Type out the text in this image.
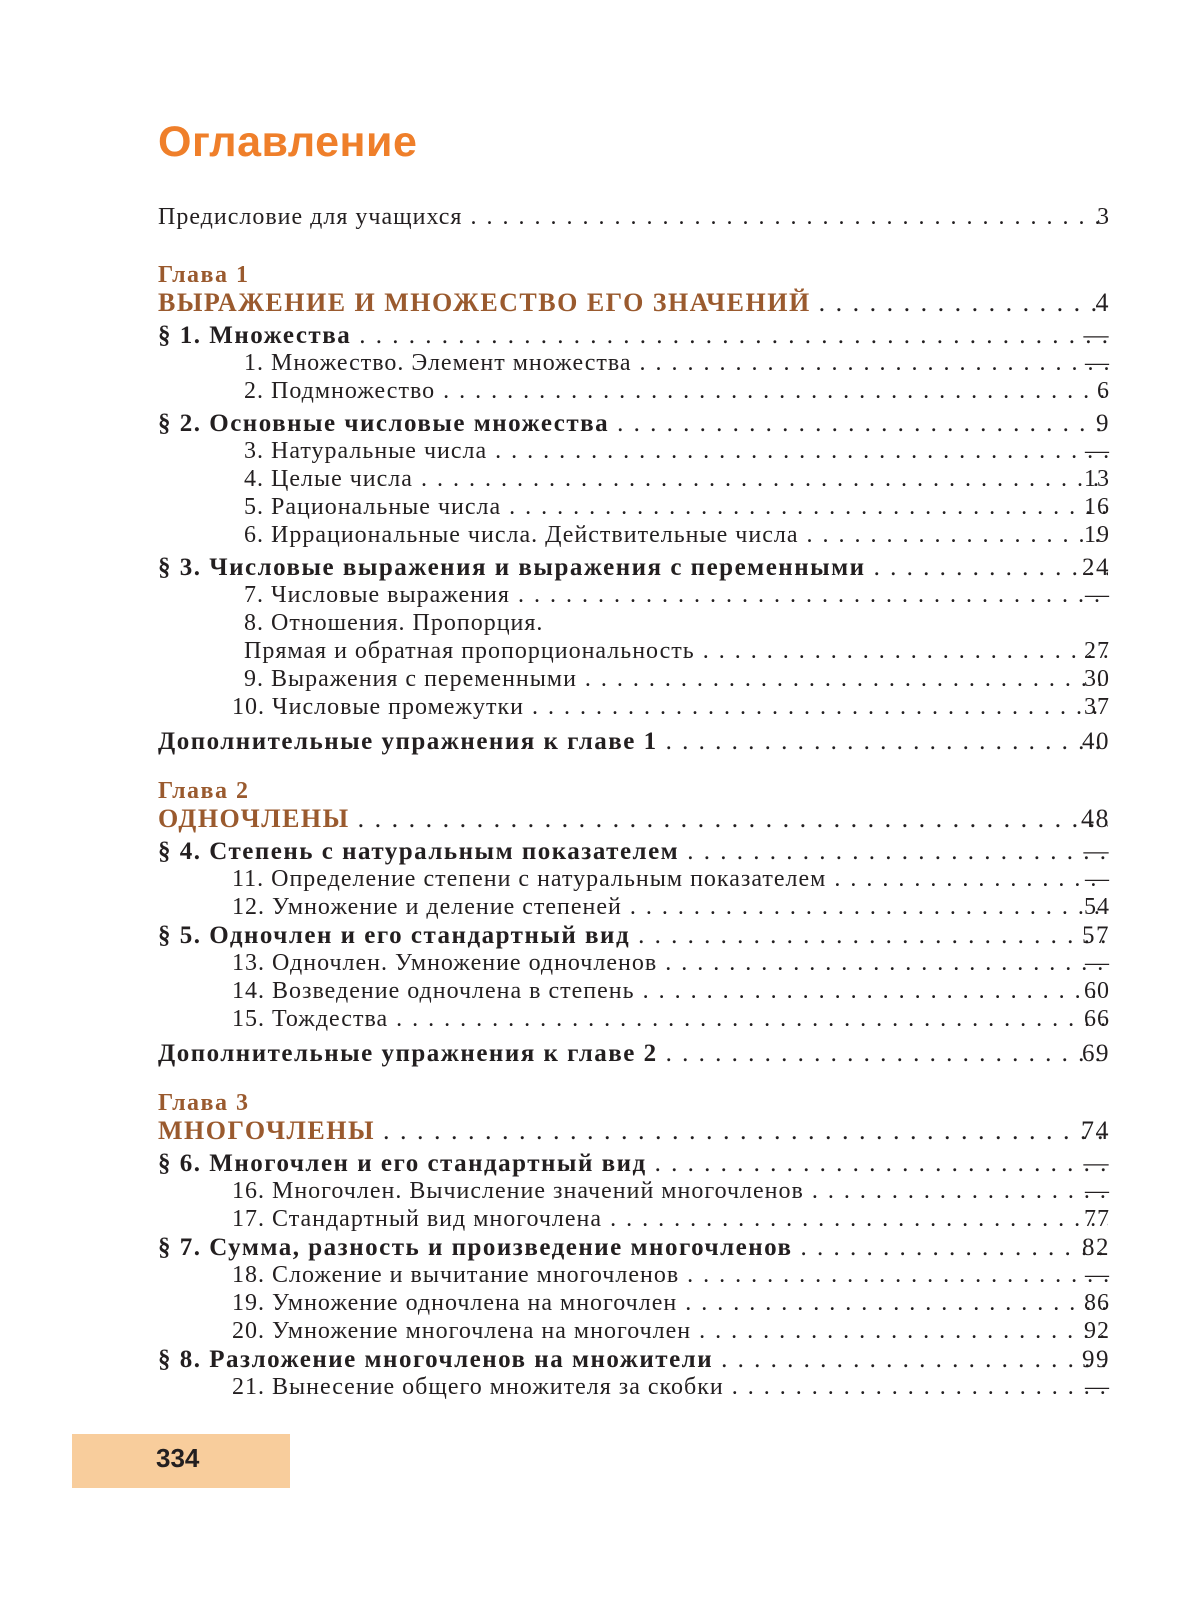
Оглавление
Предисловие для учащихся . . .	3
Глава 1
ВЫРАЖЕНИЕ И МНОЖЕСТВО ЕГО ЗНАЧЕНИЙ . . .	4
§ 1. Множества . . .	—
1. Множество. Элемент множества . . .	—
2. Подмножество . . .	6
§ 2. Основные числовые множества . . .	9
3. Натуральные числа . . .	—
4. Целые числа . . .	13
5. Рациональные числа . . .	16
6. Иррациональные числа. Действительные числа . . .	19
§ 3. Числовые выражения и выражения с переменными . . .	24
7. Числовые выражения . . .	—
8. Отношения. Пропорция.
Прямая и обратная пропорциональность . . .	27
9. Выражения с переменными . . .	30
10. Числовые промежутки . . .	37
Дополнительные упражнения к главе 1 . . .	40
Глава 2
ОДНОЧЛЕНЫ . . .	48
§ 4. Степень с натуральным показателем . . .	—
11. Определение степени с натуральным показателем . . .	—
12. Умножение и деление степеней . . .	54
§ 5. Одночлен и его стандартный вид . . .	57
13. Одночлен. Умножение одночленов . . .	—
14. Возведение одночлена в степень . . .	60
15. Тождества . . .	66
Дополнительные упражнения к главе 2 . . .	69
Глава 3
МНОГОЧЛЕНЫ . . .	74
§ 6. Многочлен и его стандартный вид . . .	—
16. Многочлен. Вычисление значений многочленов . . .	—
17. Стандартный вид многочлена . . .	77
§ 7. Сумма, разность и произведение многочленов . . .	82
18. Сложение и вычитание многочленов . . .	—
19. Умножение одночлена на многочлен . . .	86
20. Умножение многочлена на многочлен . . .	92
§ 8. Разложение многочленов на множители . . .	99
21. Вынесение общего множителя за скобки . . .	—
334
